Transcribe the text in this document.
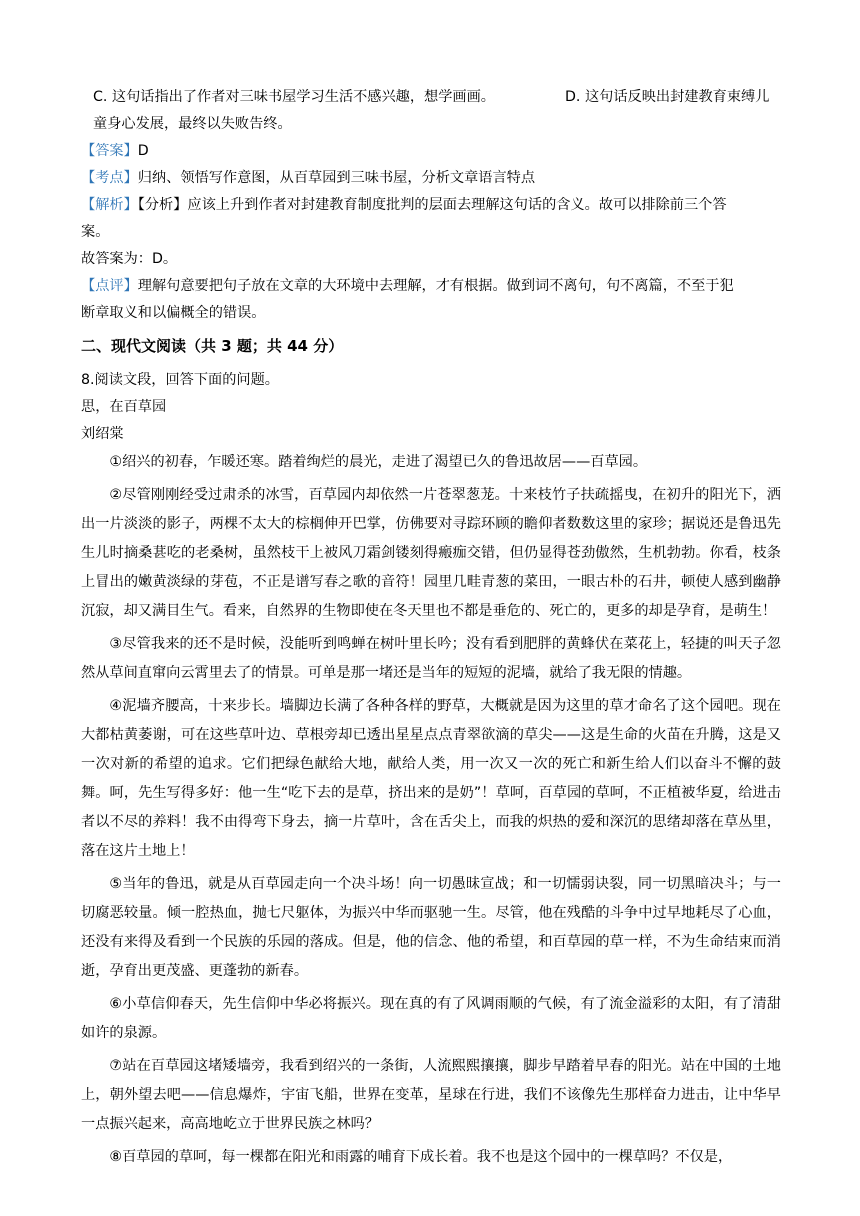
C. 这句话指出了作者对三味书屋学习生活不感兴趣，想学画画。	D. 这句话反映出封建教育束缚儿
童身心发展，最终以失败告终。
【答案】D
【考点】归纳、领悟写作意图，从百草园到三味书屋，分析文章语言特点
【解析】【分析】应该上升到作者对封建教育制度批判的层面去理解这句话的含义。故可以排除前三个答
案。
故答案为：D。
【点评】理解句意要把句子放在文章的大环境中去理解，才有根据。做到词不离句，句不离篇，不至于犯
断章取义和以偏概全的错误。
二、现代文阅读（共 3 题；共 44 分）
8.阅读文段，回答下面的问题。
思，在百草园
刘绍棠

①绍兴的初春，乍暖还寒。踏着绚烂的晨光，走进了渴望已久的鲁迅故居——百草园。

②尽管刚刚经受过肃杀的冰雪，百草园内却依然一片苍翠葱茏。十来枝竹子扶疏摇曳，在初升的阳光下，洒出一片淡淡的影子，两棵不太大的棕榈伸开巴掌，仿佛要对寻踪环顾的瞻仰者数数这里的家珍；据说还是鲁迅先生儿时摘桑葚吃的老桑树，虽然枝干上被风刀霜剑镂刻得瘢痂交错，但仍显得苍劲傲然，生机勃勃。你看，枝条上冒出的嫩黄淡绿的芽苞，不正是谱写春之歌的音符！园里几畦青葱的菜田，一眼古朴的石井，顿使人感到幽静沉寂，却又满目生气。看来，自然界的生物即使在冬天里也不都是垂危的、死亡的，更多的却是孕育，是萌生！

③尽管我来的还不是时候，没能听到鸣蝉在树叶里长吟；没有看到肥胖的黄蜂伏在菜花上，轻捷的叫天子忽然从草间直窜向云霄里去了的情景。可单是那一堵还是当年的短短的泥墙，就给了我无限的情趣。

④泥墙齐腰高，十来步长。墙脚边长满了各种各样的野草，大概就是因为这里的草才命名了这个园吧。现在大都枯黄萎谢，可在这些草叶边、草根旁却已透出星星点点青翠欲滴的草尖——这是生命的火苗在升腾，这是又一次对新的希望的追求。它们把绿色献给大地，献给人类，用一次又一次的死亡和新生给人们以奋斗不懈的鼓舞。呵，先生写得多好：他一生“吃下去的是草，挤出来的是奶”！草呵，百草园的草呵，不正植被华夏，给进击者以不尽的养料！我不由得弯下身去，摘一片草叶，含在舌尖上，而我的炽热的爱和深沉的思绪却落在草丛里，落在这片土地上！

⑤当年的鲁迅，就是从百草园走向一个决斗场！向一切愚昧宣战；和一切懦弱诀裂，同一切黑暗决斗；与一切腐恶较量。倾一腔热血，抛七尺躯体，为振兴中华而驱驰一生。尽管，他在残酷的斗争中过早地耗尽了心血，还没有来得及看到一个民族的乐园的落成。但是，他的信念、他的希望，和百草园的草一样，不为生命结束而消逝，孕育出更茂盛、更蓬勃的新春。

⑥小草信仰春天，先生信仰中华必将振兴。现在真的有了风调雨顺的气候，有了流金溢彩的太阳，有了清甜如许的泉源。

⑦站在百草园这堵矮墙旁，我看到绍兴的一条街，人流熙熙攘攘，脚步早踏着早春的阳光。站在中国的土地上，朝外望去吧——信息爆炸，宇宙飞船，世界在变革，星球在行进，我们不该像先生那样奋力进击，让中华早一点振兴起来，高高地屹立于世界民族之林吗？

⑧百草园的草呵，每一棵都在阳光和雨露的哺育下成长着。我不也是这个园中的一棵草吗？不仅是，
